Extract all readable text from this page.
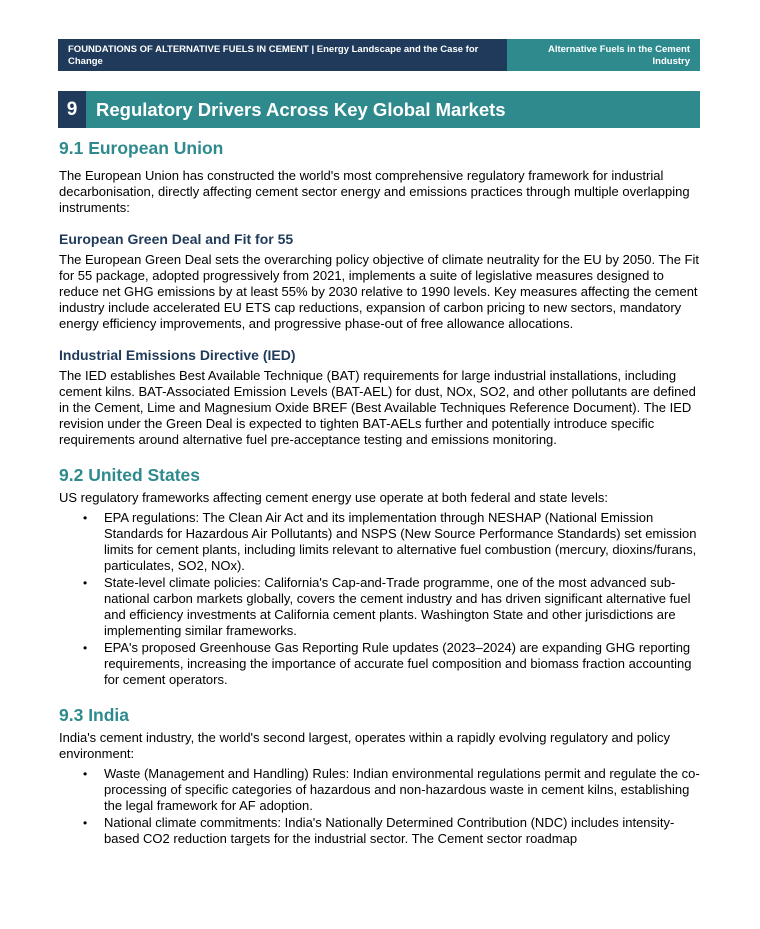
FOUNDATIONS OF ALTERNATIVE FUELS IN CEMENT | Energy Landscape and the Case for Change
Alternative Fuels in the Cement Industry
9	Regulatory Drivers Across Key Global Markets
9.1 European Union

The European Union has constructed the world's most comprehensive regulatory framework for industrial decarbonisation, directly affecting cement sector energy and emissions practices through multiple overlapping instruments:

European Green Deal and Fit for 55

The European Green Deal sets the overarching policy objective of climate neutrality for the EU by 2050. The Fit for 55 package, adopted progressively from 2021, implements a suite of legislative measures designed to reduce net GHG emissions by at least 55% by 2030 relative to 1990 levels. Key measures affecting the cement industry include accelerated EU ETS cap reductions, expansion of carbon pricing to new sectors, mandatory energy efficiency improvements, and progressive phase-out of free allowance allocations.

Industrial Emissions Directive (IED)

The IED establishes Best Available Technique (BAT) requirements for large industrial installations, including cement kilns. BAT-Associated Emission Levels (BAT-AEL) for dust, NOx, SO2, and other pollutants are defined in the Cement, Lime and Magnesium Oxide BREF (Best Available Techniques Reference Document). The IED revision under the Green Deal is expected to tighten BAT-AELs further and potentially introduce specific requirements around alternative fuel pre-acceptance testing and emissions monitoring.

9.2 United States

US regulatory frameworks affecting cement energy use operate at both federal and state levels:

• EPA regulations: The Clean Air Act and its implementation through NESHAP (National Emission Standards for Hazardous Air Pollutants) and NSPS (New Source Performance Standards) set emission limits for cement plants, including limits relevant to alternative fuel combustion (mercury, dioxins/furans, particulates, SO2, NOx).
• State-level climate policies: California's Cap-and-Trade programme, one of the most advanced sub-national carbon markets globally, covers the cement industry and has driven significant alternative fuel and efficiency investments at California cement plants. Washington State and other jurisdictions are implementing similar frameworks.
• EPA's proposed Greenhouse Gas Reporting Rule updates (2023–2024) are expanding GHG reporting requirements, increasing the importance of accurate fuel composition and biomass fraction accounting for cement operators.
9.3 India

India's cement industry, the world's second largest, operates within a rapidly evolving regulatory and policy environment:

• Waste (Management and Handling) Rules: Indian environmental regulations permit and regulate the co-processing of specific categories of hazardous and non-hazardous waste in cement kilns, establishing the legal framework for AF adoption.
• National climate commitments: India's Nationally Determined Contribution (NDC) includes intensity-based CO2 reduction targets for the industrial sector. The Cement sector roadmap
